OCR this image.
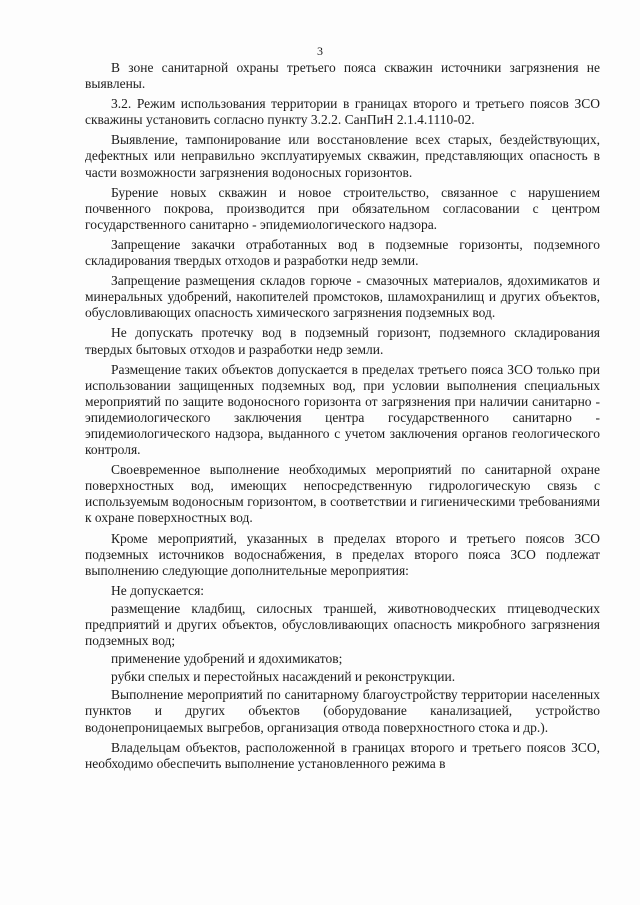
3

В зоне санитарной охраны третьего пояса скважин источники загрязнения не выявлены.

3.2. Режим использования территории в границах второго и третьего поясов ЗСО скважины установить согласно пункту 3.2.2. СанПиН 2.1.4.1110-02.

Выявление, тампонирование или восстановление всех старых, бездействующих, дефектных или неправильно эксплуатируемых скважин, представляющих опасность в части возможности загрязнения водоносных горизонтов.

Бурение новых скважин и новое строительство, связанное с нарушением почвенного покрова, производится при обязательном согласовании с центром государственного санитарно - эпидемиологического надзора.

Запрещение закачки отработанных вод в подземные горизонты, подземного складирования твердых отходов и разработки недр земли.

Запрещение размещения складов горюче - смазочных материалов, ядохимикатов и минеральных удобрений, накопителей промстоков, шламохранилищ и других объектов, обусловливающих опасность химического загрязнения подземных вод.

Не допускать протечку вод в подземный горизонт, подземного складирования твердых бытовых отходов и разработки недр земли.

Размещение таких объектов допускается в пределах третьего пояса ЗСО только при использовании защищенных подземных вод, при условии выполнения специальных мероприятий по защите водоносного горизонта от загрязнения при наличии санитарно - эпидемиологического заключения центра государственного санитарно - эпидемиологического надзора, выданного с учетом заключения органов геологического контроля.

Своевременное выполнение необходимых мероприятий по санитарной охране поверхностных вод, имеющих непосредственную гидрологическую связь с используемым водоносным горизонтом, в соответствии и гигиеническими требованиями к охране поверхностных вод.

Кроме мероприятий, указанных в пределах второго и третьего поясов ЗСО подземных источников водоснабжения, в пределах второго пояса ЗСО подлежат выполнению следующие дополнительные мероприятия:

Не допускается:

размещение кладбищ, силосных траншей, животноводческих птицеводческих предприятий и других объектов, обусловливающих опасность микробного загрязнения подземных вод;

применение удобрений и ядохимикатов;

рубки спелых и перестойных насаждений и реконструкции.

Выполнение мероприятий по санитарному благоустройству территории населенных пунктов и других объектов (оборудование канализацией, устройство водонепроницаемых выгребов, организация отвода поверхностного стока и др.).

Владельцам объектов, расположенной в границах второго и третьего поясов ЗСО, необходимо обеспечить выполнение установленного режима в
